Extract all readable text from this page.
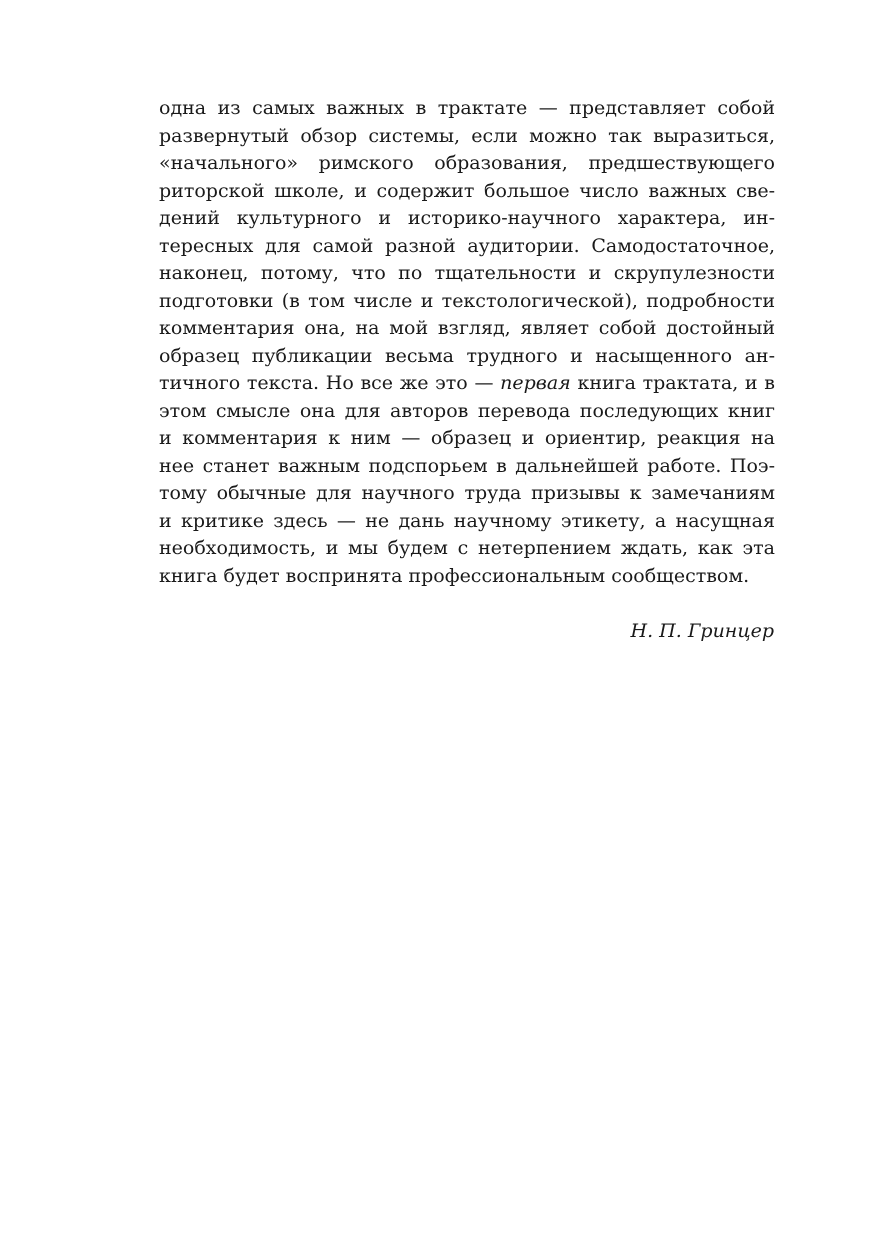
одна из самых важных в трактате — представляет собой
развернутый обзор системы, если можно так выразиться,
«начального» римского образования, предшествующего
риторской школе, и содержит большое число важных све-
дений культурного и историко-научного характера, ин-
тересных для самой разной аудитории. Самодостаточное,
наконец, потому, что по тщательности и скрупулезности
подготовки (в том числе и текстологической), подробности
комментария она, на мой взгляд, являет собой достойный
образец публикации весьма трудного и насыщенного ан-
тичного текста. Но все же это — первая книга трактата, и в
этом смысле она для авторов перевода последующих книг
и комментария к ним — образец и ориентир, реакция на
нее станет важным подспорьем в дальнейшей работе. Поэ-
тому обычные для научного труда призывы к замечаниям
и критике здесь — не дань научному этикету, а насущная
необходимость, и мы будем с нетерпением ждать, как эта
книга будет воспринята профессиональным сообществом.
Н. П. Гринцер
